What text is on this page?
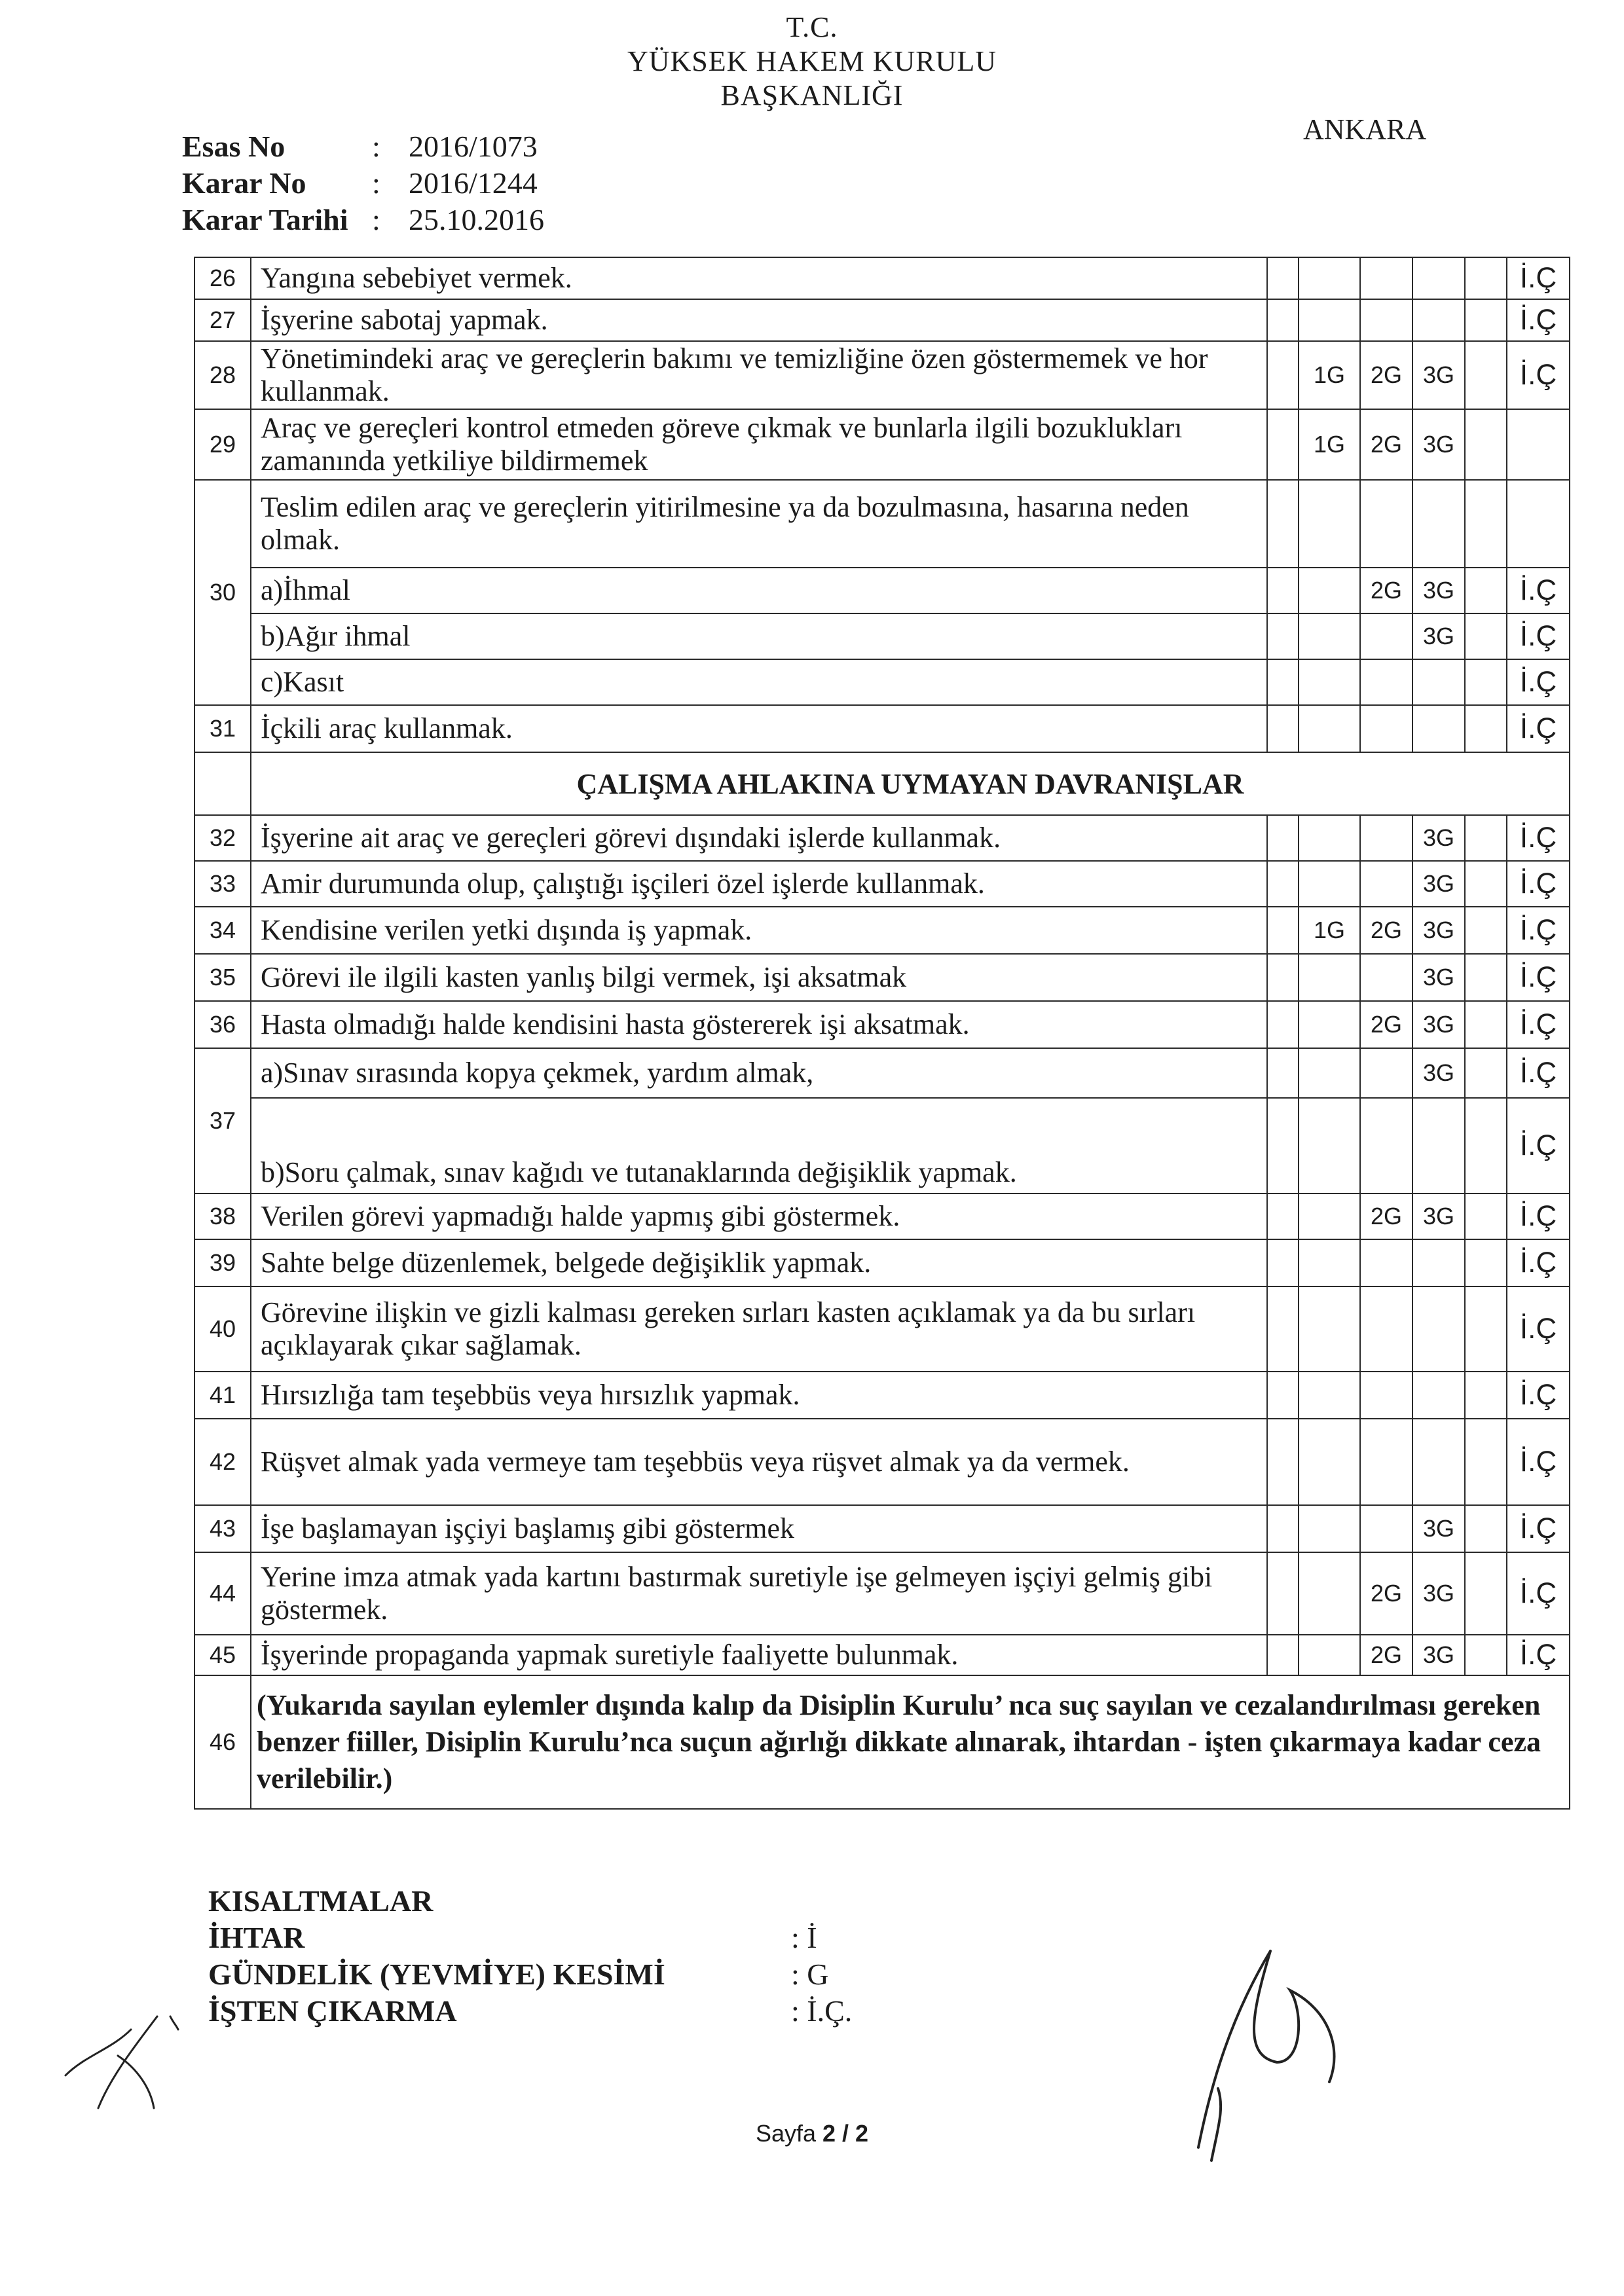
T.C.
YÜKSEK HAKEM KURULU
BAŞKANLIĞI
ANKARA
Esas No	: 2016/1073
Karar No	: 2016/1244
Karar Tarihi : 25.10.2016
26	Yangına sebebiyet vermek.						İ.Ç
27	İşyerine sabotaj yapmak.						İ.Ç
28	Yönetimindeki araç ve gereçlerin bakımı ve temizliğine özen göstermemek ve hor kullanmak.		1G	2G	3G		İ.Ç
29	Araç ve gereçleri kontrol etmeden göreve çıkmak ve bunlarla ilgili bozuklukları zamanında yetkiliye bildirmemek		1G	2G	3G		
30	Teslim edilen araç ve gereçlerin yitirilmesine ya da bozulmasına, hasarına neden olmak.						
	a)İhmal			2G	3G		İ.Ç
	b)Ağır ihmal				3G		İ.Ç
	c)Kasıt						İ.Ç
31	İçkili araç kullanmak.						İ.Ç
	ÇALIŞMA AHLAKINA UYMAYAN DAVRANIŞLAR						
32	İşyerine ait araç ve gereçleri görevi dışındaki işlerde kullanmak.				3G		İ.Ç
33	Amir durumunda olup, çalıştığı işçileri özel işlerde kullanmak.				3G		İ.Ç
34	Kendisine verilen yetki dışında iş yapmak.		1G	2G	3G		İ.Ç
35	Görevi ile ilgili kasten yanlış bilgi vermek, işi aksatmak				3G		İ.Ç
36	Hasta olmadığı halde kendisini hasta göstererek işi aksatmak.			2G	3G		İ.Ç
37	a)Sınav sırasında kopya çekmek, yardım almak,				3G		İ.Ç
	b)Soru çalmak, sınav kağıdı ve tutanaklarında değişiklik yapmak.						İ.Ç
38	Verilen görevi yapmadığı halde yapmış gibi göstermek.			2G	3G		İ.Ç
39	Sahte belge düzenlemek, belgede değişiklik yapmak.						İ.Ç
40	Görevine ilişkin ve gizli kalması gereken sırları kasten açıklamak ya da bu sırları açıklayarak çıkar sağlamak.						İ.Ç
41	Hırsızlığa tam teşebbüs veya hırsızlık yapmak.						İ.Ç
42	Rüşvet almak yada vermeye tam teşebbüs veya rüşvet almak ya da vermek.						İ.Ç
43	İşe başlamayan işçiyi başlamış gibi göstermek				3G		İ.Ç
44	Yerine imza atmak yada kartını bastırmak suretiyle işe gelmeyen işçiyi gelmiş gibi göstermek.			2G	3G		İ.Ç
45	İşyerinde propaganda yapmak suretiyle faaliyette bulunmak.			2G	3G		İ.Ç
46	(Yukarıda sayılan eylemler dışında kalıp da Disiplin Kurulu’ nca suç sayılan ve cezalandırılması gereken benzer fiiller, Disiplin Kurulu’nca suçun ağırlığı dikkate alınarak, ihtardan - işten çıkarmaya kadar ceza verilebilir.)						
KISALTMALAR
İHTAR	: İ
GÜNDELİK (YEVMİYE) KESİMİ	: G
İŞTEN ÇIKARMA	: İ.Ç.
Sayfa 2 / 2
